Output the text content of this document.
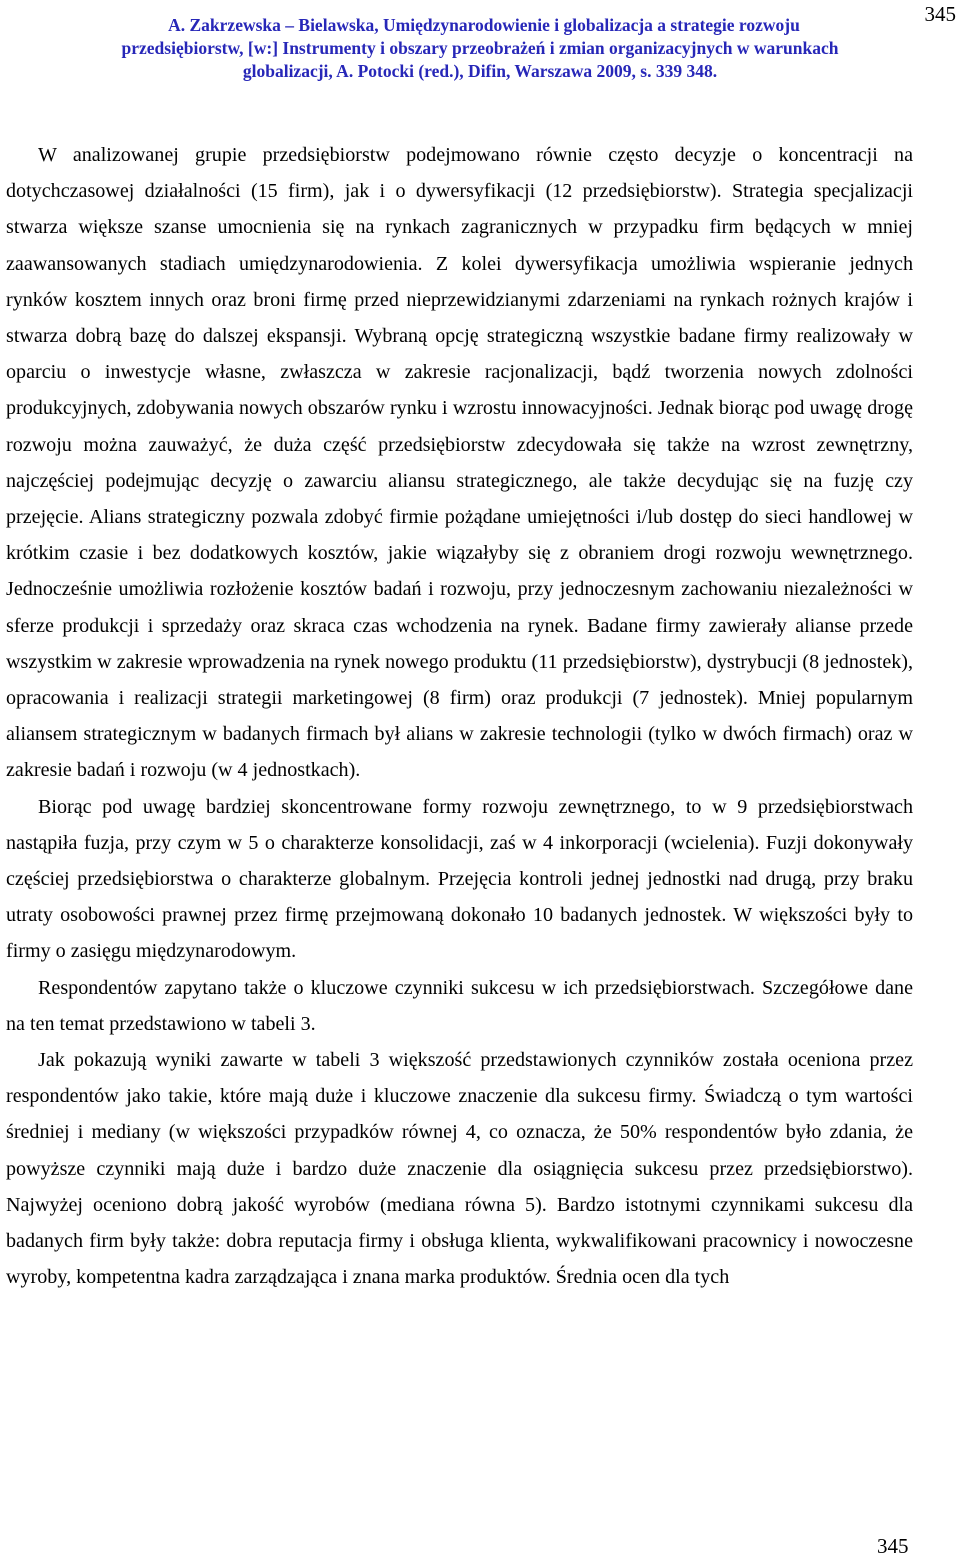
A. Zakrzewska – Bielawska, Umiędzynarodowienie i globalizacja a strategie rozwoju
przedsiębiorstw, [w:] Instrumenty i obszary przeobrażeń i zmian organizacyjnych w warunkach
globalizacji, A. Potocki (red.), Difin, Warszawa 2009, s. 339 348.
345

W analizowanej grupie przedsiębiorstw podejmowano równie często decyzje o koncentracji na dotychczasowej działalności (15 firm), jak i o dywersyfikacji (12 przedsiębiorstw). Strategia specjalizacji stwarza większe szanse umocnienia się na rynkach zagranicznych w przypadku firm będących w mniej zaawansowanych stadiach umiędzynarodowienia. Z kolei dywersyfikacja umożliwia wspieranie jednych rynków kosztem innych oraz broni firmę przed nieprzewidzianymi zdarzeniami na rynkach rożnych krajów i stwarza dobrą bazę do dalszej ekspansji. Wybraną opcję strategiczną wszystkie badane firmy realizowały w oparciu o inwestycje własne, zwłaszcza w zakresie racjonalizacji, bądź tworzenia nowych zdolności produkcyjnych, zdobywania nowych obszarów rynku i wzrostu innowacyjności. Jednak biorąc pod uwagę drogę rozwoju można zauważyć, że duża część przedsiębiorstw zdecydowała się także na wzrost zewnętrzny, najczęściej podejmując decyzję o zawarciu aliansu strategicznego, ale także decydując się na fuzję czy przejęcie. Alians strategiczny pozwala zdobyć firmie pożądane umiejętności i/lub dostęp do sieci handlowej w krótkim czasie i bez dodatkowych kosztów, jakie wiązałyby się z obraniem drogi rozwoju wewnętrznego. Jednocześnie umożliwia rozłożenie kosztów badań i rozwoju, przy jednoczesnym zachowaniu niezależności w sferze produkcji i sprzedaży oraz skraca czas wchodzenia na rynek. Badane firmy zawierały alianse przede wszystkim w zakresie wprowadzenia na rynek nowego produktu (11 przedsiębiorstw), dystrybucji (8 jednostek), opracowania i realizacji strategii marketingowej (8 firm) oraz produkcji (7 jednostek). Mniej popularnym aliansem strategicznym w badanych firmach był alians w zakresie technologii (tylko w dwóch firmach) oraz w zakresie badań i rozwoju (w 4 jednostkach).

Biorąc pod uwagę bardziej skoncentrowane formy rozwoju zewnętrznego, to w 9 przedsiębiorstwach nastąpiła fuzja, przy czym w 5 o charakterze konsolidacji, zaś w 4 inkorporacji (wcielenia). Fuzji dokonywały częściej przedsiębiorstwa o charakterze globalnym. Przejęcia kontroli jednej jednostki nad drugą, przy braku utraty osobowości prawnej przez firmę przejmowaną dokonało 10 badanych jednostek. W większości były to firmy o zasięgu międzynarodowym.

Respondentów zapytano także o kluczowe czynniki sukcesu w ich przedsiębiorstwach. Szczegółowe dane na ten temat przedstawiono w tabeli 3.

Jak pokazują wyniki zawarte w tabeli 3 większość przedstawionych czynników została oceniona przez respondentów jako takie, które mają duże i kluczowe znaczenie dla sukcesu firmy. Świadczą o tym wartości średniej i mediany (w większości przypadków równej 4, co oznacza, że 50% respondentów było zdania, że powyższe czynniki mają duże i bardzo duże znaczenie dla osiągnięcia sukcesu przez przedsiębiorstwo). Najwyżej oceniono dobrą jakość wyrobów (mediana równa 5). Bardzo istotnymi czynnikami sukcesu dla badanych firm były także: dobra reputacja firmy i obsługa klienta, wykwalifikowani pracownicy i nowoczesne wyroby, kompetentna kadra zarządzająca i znana marka produktów. Średnia ocen dla tych

345
